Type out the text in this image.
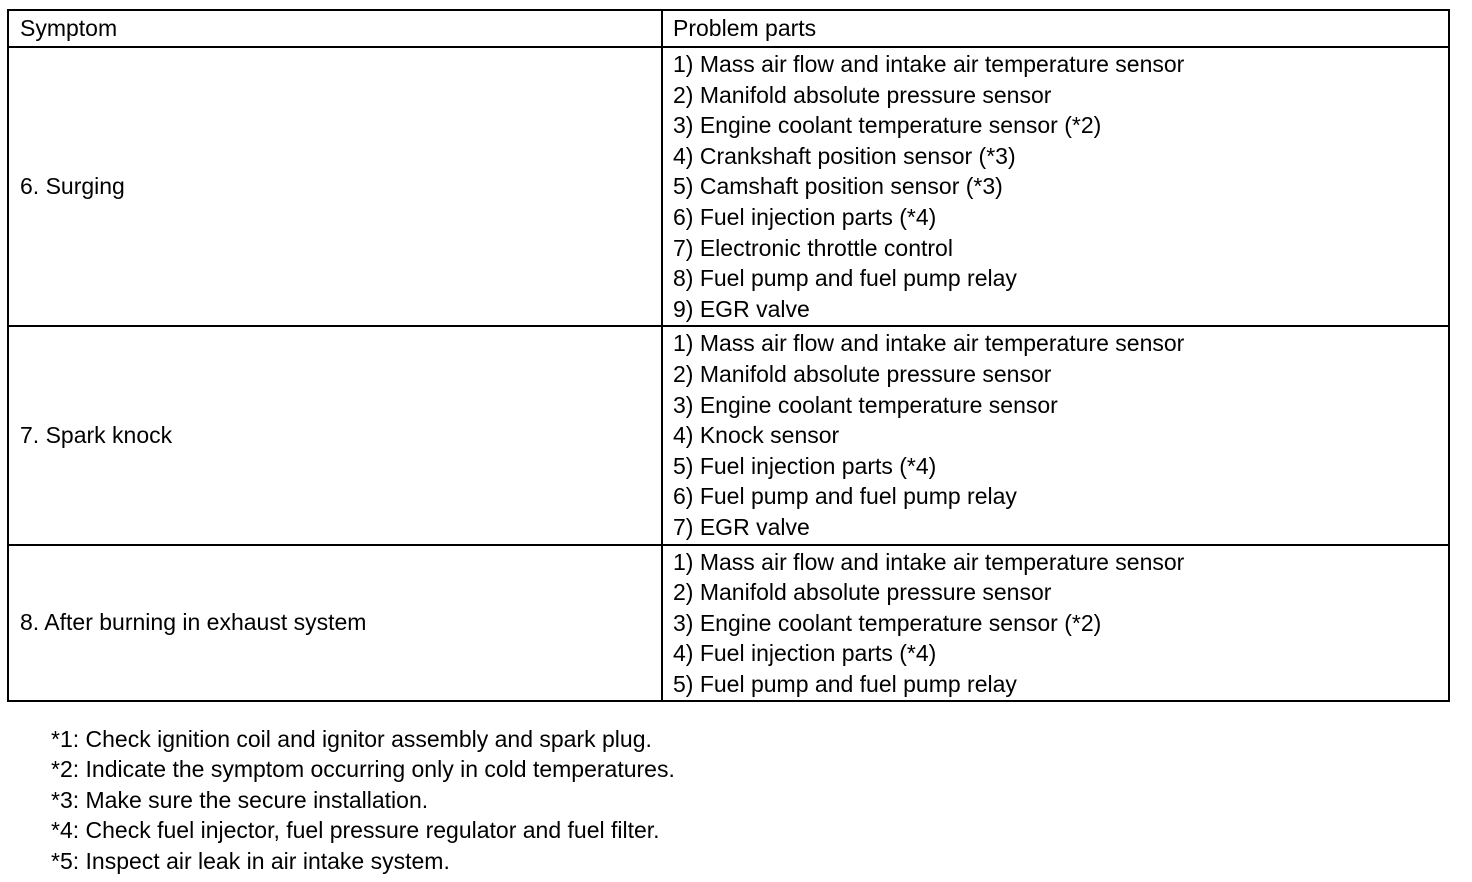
Symptom	Problem parts
6. Surging
1) Mass air flow and intake air temperature sensor
2) Manifold absolute pressure sensor
3) Engine coolant temperature sensor (*2)
4) Crankshaft position sensor (*3)
5) Camshaft position sensor (*3)
6) Fuel injection parts (*4)
7) Electronic throttle control
8) Fuel pump and fuel pump relay
9) EGR valve
7. Spark knock
1) Mass air flow and intake air temperature sensor
2) Manifold absolute pressure sensor
3) Engine coolant temperature sensor
4) Knock sensor
5) Fuel injection parts (*4)
6) Fuel pump and fuel pump relay
7) EGR valve
8. After burning in exhaust system
1) Mass air flow and intake air temperature sensor
2) Manifold absolute pressure sensor
3) Engine coolant temperature sensor (*2)
4) Fuel injection parts (*4)
5) Fuel pump and fuel pump relay
*1: Check ignition coil and ignitor assembly and spark plug.
*2: Indicate the symptom occurring only in cold temperatures.
*3: Make sure the secure installation.
*4: Check fuel injector, fuel pressure regulator and fuel filter.
*5: Inspect air leak in air intake system.
